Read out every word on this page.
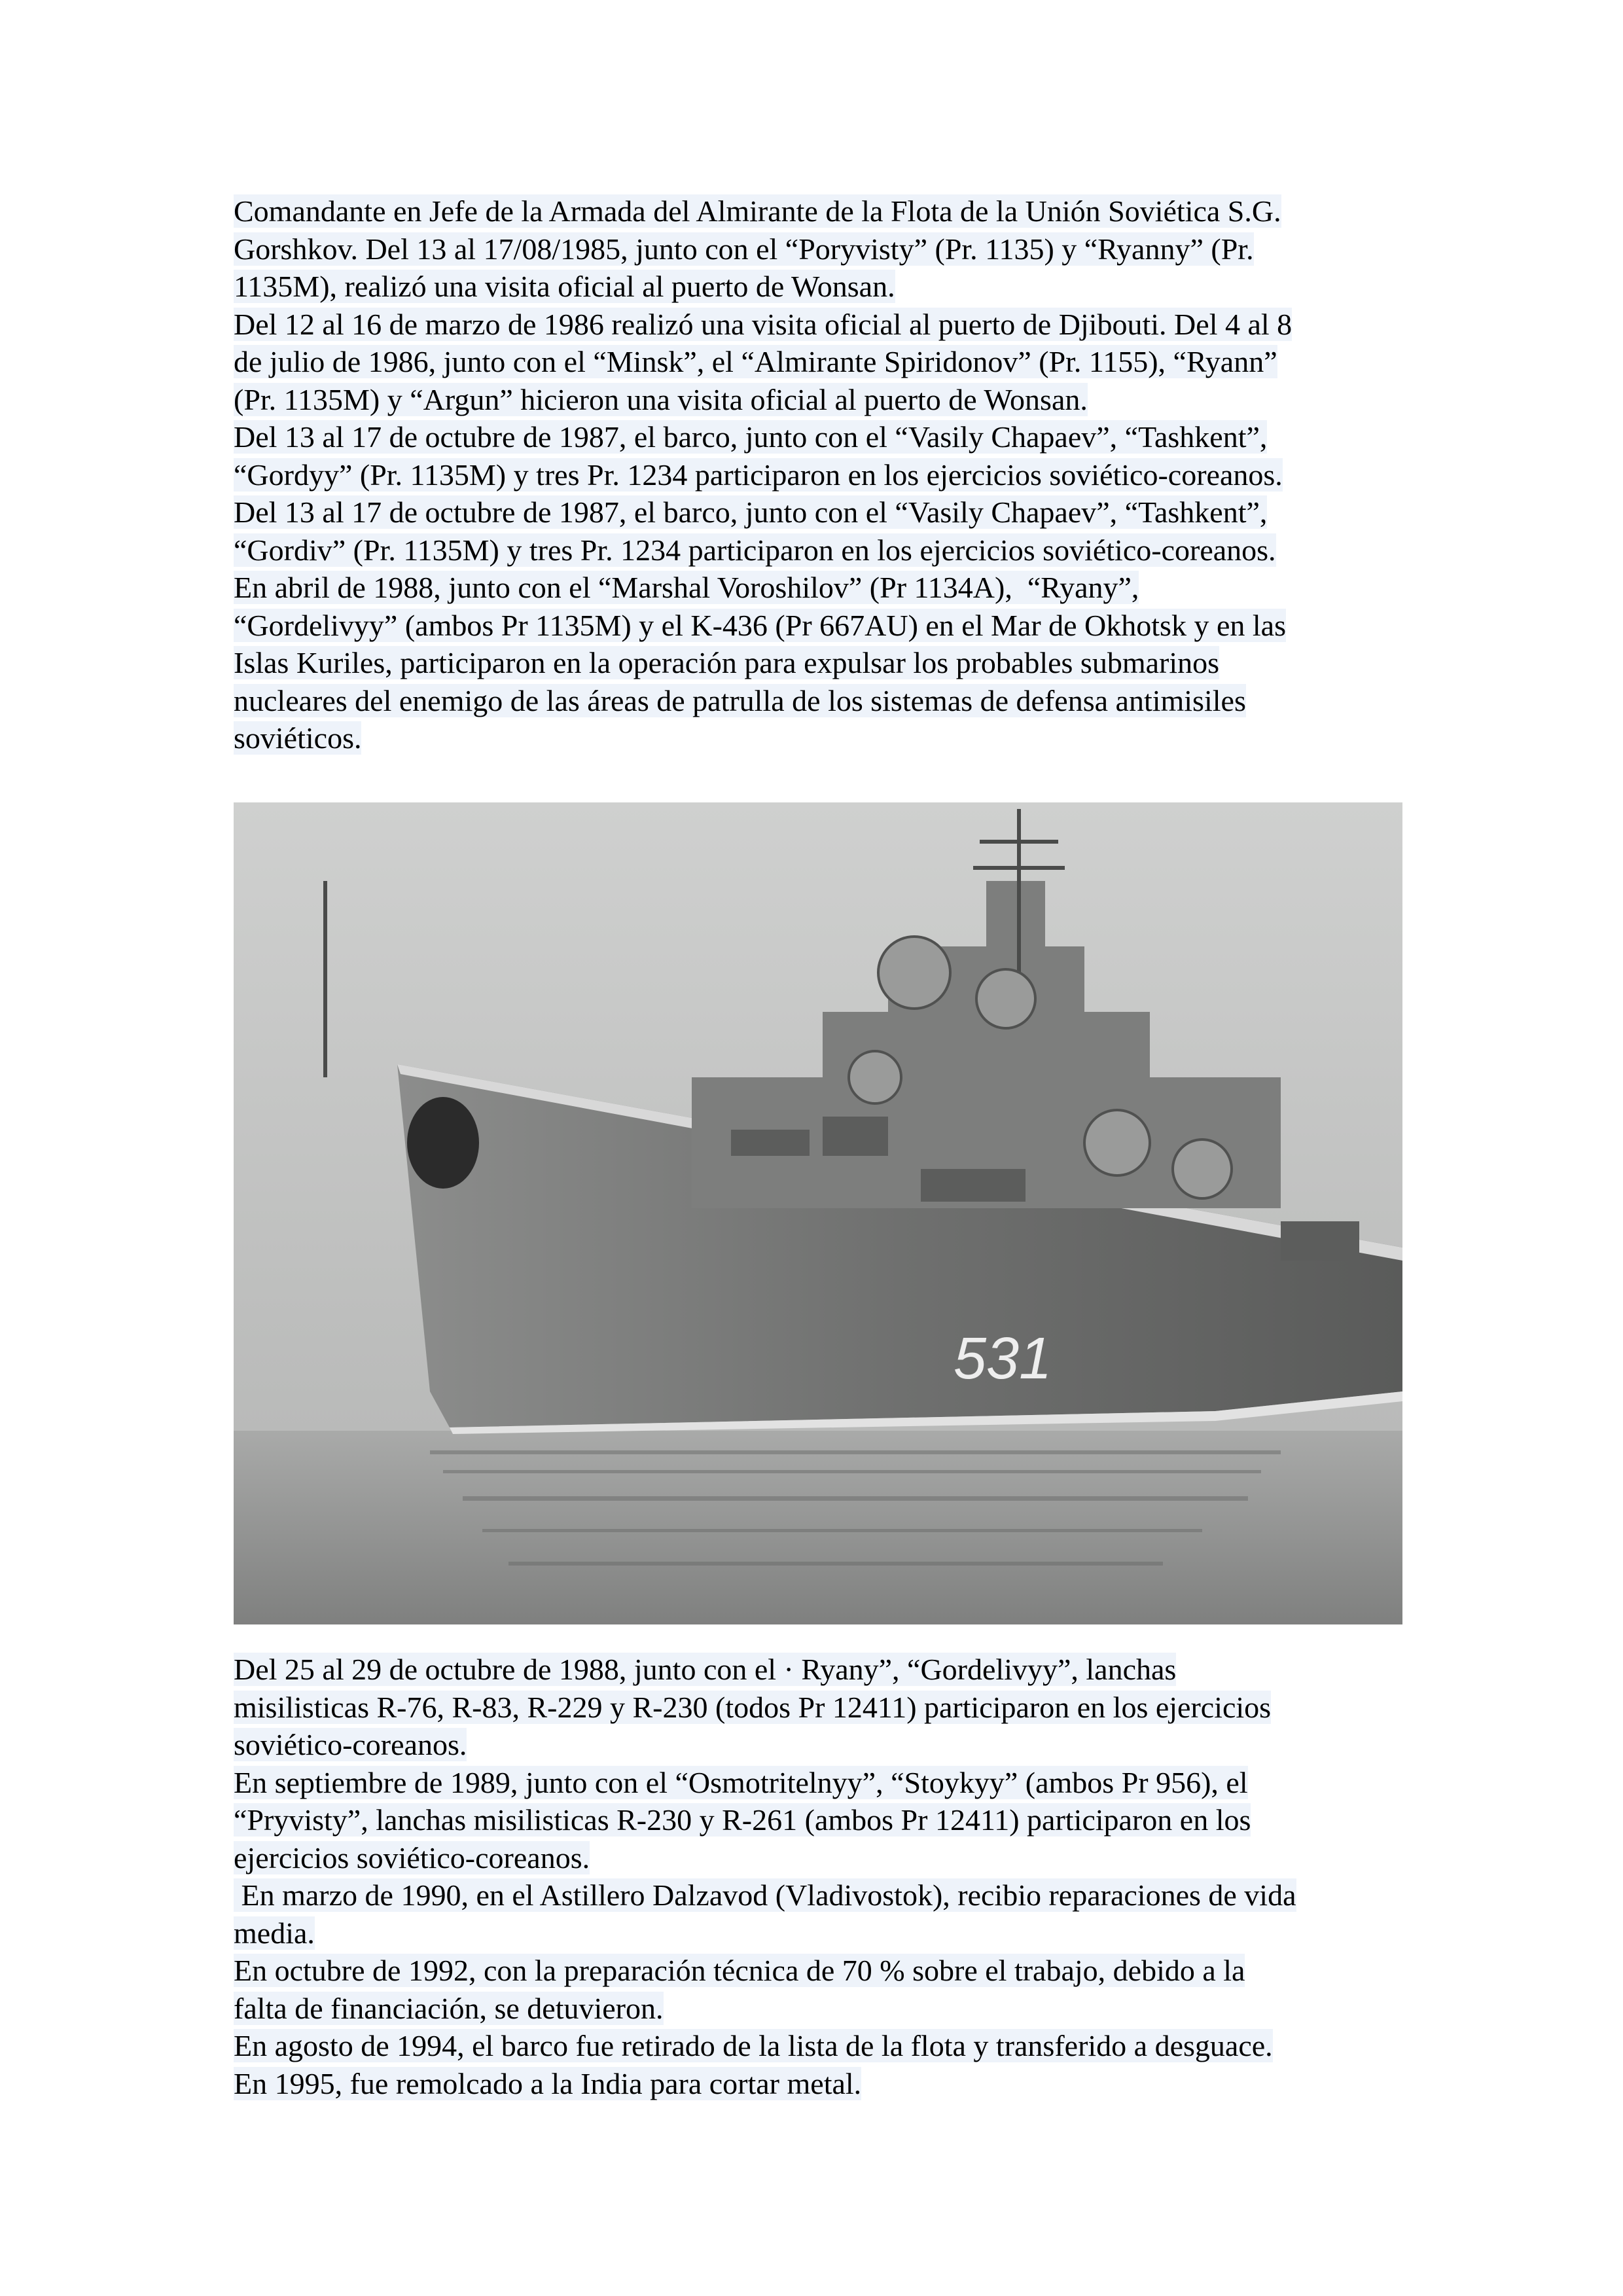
Comandante en Jefe de la Armada del Almirante de la Flota de la Unión Soviética S.G.
Gorshkov. Del 13 al 17/08/1985, junto con el “Poryvisty” (Pr. 1135) y “Ryanny” (Pr.
1135M), realizó una visita oficial al puerto de Wonsan.
Del 12 al 16 de marzo de 1986 realizó una visita oficial al puerto de Djibouti. Del 4 al 8
de julio de 1986, junto con el “Minsk”, el “Almirante Spiridonov” (Pr. 1155), “Ryann”
(Pr. 1135M) y “Argun” hicieron una visita oficial al puerto de Wonsan.
Del 13 al 17 de octubre de 1987, el barco, junto con el “Vasily Chapaev”, “Tashkent”,
“Gordyy” (Pr. 1135M) y tres Pr. 1234 participaron en los ejercicios soviético-coreanos.
Del 13 al 17 de octubre de 1987, el barco, junto con el “Vasily Chapaev”, “Tashkent”,
“Gordiv” (Pr. 1135M) y tres Pr. 1234 participaron en los ejercicios soviético-coreanos.
En abril de 1988, junto con el “Marshal Voroshilov” (Pr 1134A),  “Ryany”,
“Gordelivyy” (ambos Pr 1135M) y el K-436 (Pr 667AU) en el Mar de Okhotsk y en las
Islas Kuriles, participaron en la operación para expulsar los probables submarinos
nucleares del enemigo de las áreas de patrulla de los sistemas de defensa antimisiles
soviéticos.
531
Del 25 al 29 de octubre de 1988, junto con el · Ryany”, “Gordelivyy”, lanchas
misilisticas R-76, R-83, R-229 y R-230 (todos Pr 12411) participaron en los ejercicios
soviético-coreanos.
En septiembre de 1989, junto con el “Osmotritelnyy”, “Stoykyy” (ambos Pr 956), el
“Pryvisty”, lanchas misilisticas R-230 y R-261 (ambos Pr 12411) participaron en los
ejercicios soviético-coreanos.
En marzo de 1990, en el Astillero Dalzavod (Vladivostok), recibio reparaciones de vida
media.
En octubre de 1992, con la preparación técnica de 70 % sobre el trabajo, debido a la
falta de financiación, se detuvieron.
En agosto de 1994, el barco fue retirado de la lista de la flota y transferido a desguace.
En 1995, fue remolcado a la India para cortar metal.
